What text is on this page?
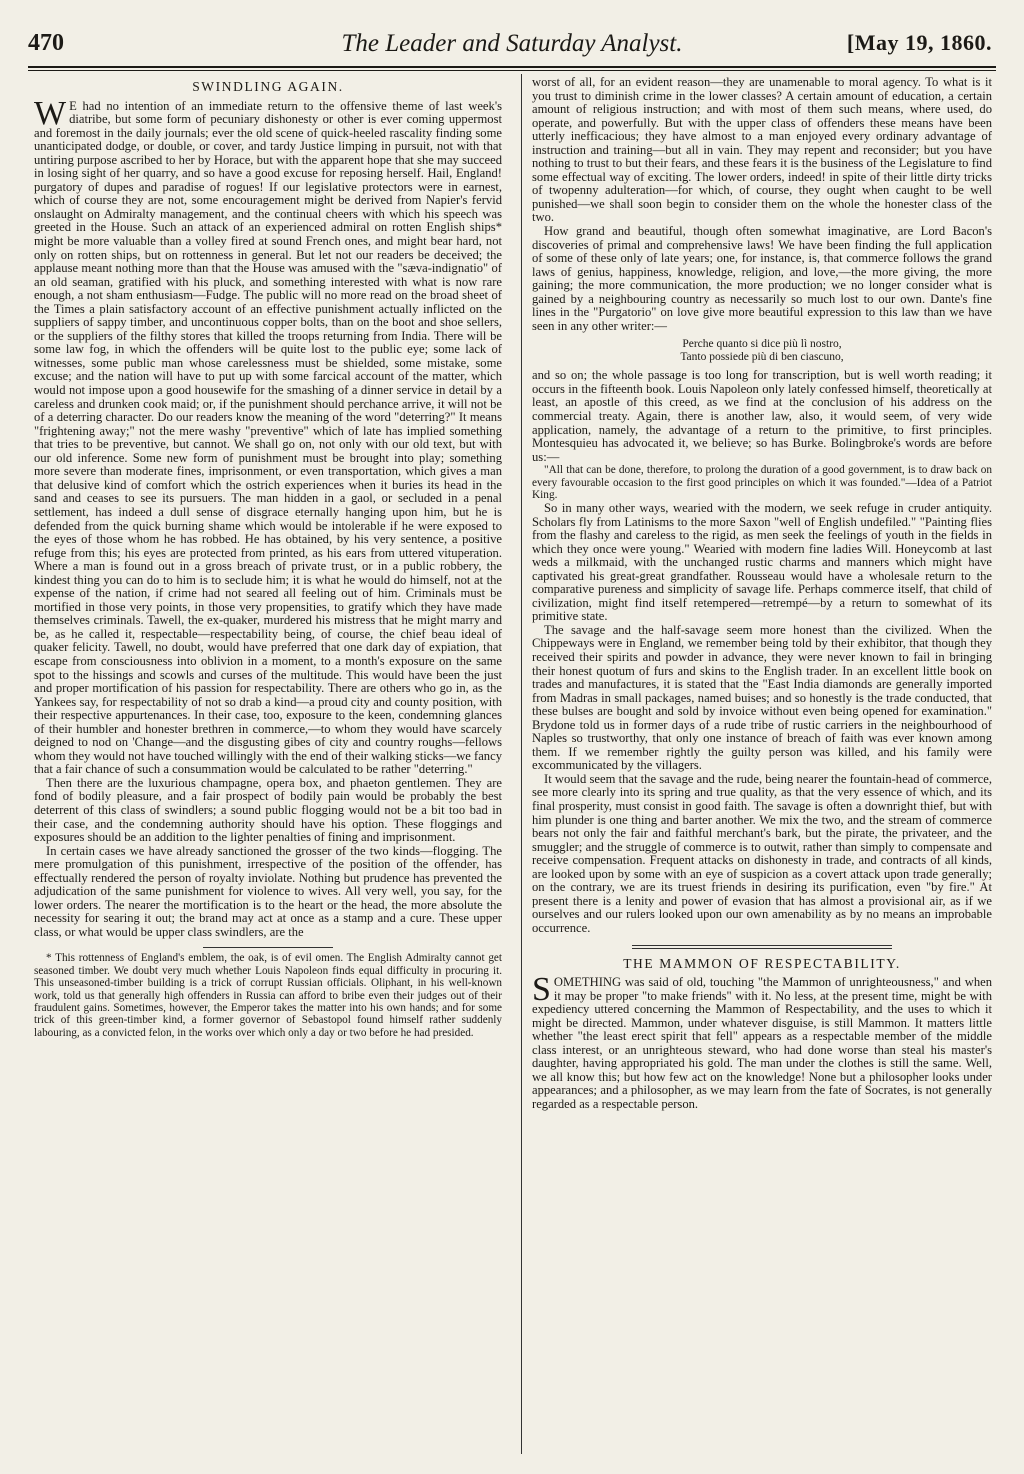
470	The Leader and Saturday Analyst.	[May 19, 1860.
SWINDLING AGAIN.

W E had no intention of an immediate return to the offensive theme of last week's diatribe, but some form of pecuniary dishonesty or other is ever coming uppermost and foremost in the daily journals; ever the old scene of quick-heeled rascality finding some unanticipated dodge, or double, or cover, and tardy Justice limping in pursuit, not with that untiring purpose ascribed to her by Horace, but with the apparent hope that she may succeed in losing sight of her quarry, and so have a good excuse for reposing herself. Hail, England! purgatory of dupes and paradise of rogues! If our legislative protectors were in earnest, which of course they are not, some encouragement might be derived from Napier's fervid onslaught on Admiralty management, and the continual cheers with which his speech was greeted in the House. Such an attack of an experienced admiral on rotten English ships* might be more valuable than a volley fired at sound French ones, and might bear hard, not only on rotten ships, but on rottenness in general. But let not our readers be deceived; the applause meant nothing more than that the House was amused with the "sæva-indignatio" of an old seaman, gratified with his pluck, and something interested with what is now rare enough, a not sham enthusiasm—Fudge. The public will no more read on the broad sheet of the Times a plain satisfactory account of an effective punishment actually inflicted on the suppliers of sappy timber, and uncontinuous copper bolts, than on the boot and shoe sellers, or the suppliers of the filthy stores that killed the troops returning from India. There will be some law fog, in which the offenders will be quite lost to the public eye; some lack of witnesses, some public man whose carelessness must be shielded, some mistake, some excuse; and the nation will have to put up with some farcical account of the matter, which would not impose upon a good housewife for the smashing of a dinner service in detail by a careless and drunken cook maid; or, if the punishment should perchance arrive, it will not be of a deterring character. Do our readers know the meaning of the word "deterring?" It means "frightening away;" not the mere washy "preventive" which of late has implied something that tries to be preventive, but cannot. We shall go on, not only with our old text, but with our old inference. Some new form of punishment must be brought into play; something more severe than moderate fines, imprisonment, or even transportation, which gives a man that delusive kind of comfort which the ostrich experiences when it buries its head in the sand and ceases to see its pursuers. The man hidden in a gaol, or secluded in a penal settlement, has indeed a dull sense of disgrace eternally hanging upon him, but he is defended from the quick burning shame which would be intolerable if he were exposed to the eyes of those whom he has robbed. He has obtained, by his very sentence, a positive refuge from this; his eyes are protected from printed, as his ears from uttered vituperation. Where a man is found out in a gross breach of private trust, or in a public robbery, the kindest thing you can do to him is to seclude him; it is what he would do himself, not at the expense of the nation, if crime had not seared all feeling out of him. Criminals must be mortified in those very points, in those very propensities, to gratify which they have made themselves criminals. Tawell, the ex-quaker, murdered his mistress that he might marry and be, as he called it, respectable—respectability being, of course, the chief beau ideal of quaker felicity. Tawell, no doubt, would have preferred that one dark day of expiation, that escape from consciousness into oblivion in a moment, to a month's exposure on the same spot to the hissings and scowls and curses of the multitude. This would have been the just and proper mortification of his passion for respectability. There are others who go in, as the Yankees say, for respectability of not so drab a kind—a proud city and county position, with their respective appurtenances. In their case, too, exposure to the keen, condemning glances of their humbler and honester brethren in commerce,—to whom they would have scarcely deigned to nod on 'Change—and the disgusting gibes of city and country roughs—fellows whom they would not have touched willingly with the end of their walking sticks—we fancy that a fair chance of such a consummation would be calculated to be rather "deterring."

Then there are the luxurious champagne, opera box, and phaeton gentlemen. They are fond of bodily pleasure, and a fair prospect of bodily pain would be probably the best deterrent of this class of swindlers; a sound public flogging would not be a bit too bad in their case, and the condemning authority should have his option. These floggings and exposures should be an addition to the lighter penalties of fining and imprisonment.

In certain cases we have already sanctioned the grosser of the two kinds—flogging. The mere promulgation of this punishment, irrespective of the position of the offender, has effectually rendered the person of royalty inviolate. Nothing but prudence has prevented the adjudication of the same punishment for violence to wives. All very well, you say, for the lower orders. The nearer the mortification is to the heart or the head, the more absolute the necessity for searing it out; the brand may act at once as a stamp and a cure. These upper class, or what would be upper class swindlers, are the

* This rottenness of England's emblem, the oak, is of evil omen. The English Admiralty cannot get seasoned timber. We doubt very much whether Louis Napoleon finds equal difficulty in procuring it. This unseasoned-timber building is a trick of corrupt Russian officials. Oliphant, in his well-known work, told us that generally high offenders in Russia can afford to bribe even their judges out of their fraudulent gains. Sometimes, however, the Emperor takes the matter into his own hands; and for some trick of this green-timber kind, a former governor of Sebastopol found himself rather suddenly labouring, as a convicted felon, in the works over which only a day or two before he had presided.

worst of all, for an evident reason—they are unamenable to moral agency. To what is it you trust to diminish crime in the lower classes? A certain amount of education, a certain amount of religious instruction; and with most of them such means, where used, do operate, and powerfully. But with the upper class of offenders these means have been utterly inefficacious; they have almost to a man enjoyed every ordinary advantage of instruction and training—but all in vain. They may repent and reconsider; but you have nothing to trust to but their fears, and these fears it is the business of the Legislature to find some effectual way of exciting. The lower orders, indeed! in spite of their little dirty tricks of twopenny adulteration—for which, of course, they ought when caught to be well punished—we shall soon begin to consider them on the whole the honester class of the two.

How grand and beautiful, though often somewhat imaginative, are Lord Bacon's discoveries of primal and comprehensive laws! We have been finding the full application of some of these only of late years; one, for instance, is, that commerce follows the grand laws of genius, happiness, knowledge, religion, and love,—the more giving, the more gaining; the more communication, the more production; we no longer consider what is gained by a neighbouring country as necessarily so much lost to our own. Dante's fine lines in the "Purgatorio" on love give more beautiful expression to this law than we have seen in any other writer:—

Perche quanto si dice più lì nostro,
Tanto possiede più di ben ciascuno,

and so on; the whole passage is too long for transcription, but is well worth reading; it occurs in the fifteenth book. Louis Napoleon only lately confessed himself, theoretically at least, an apostle of this creed, as we find at the conclusion of his address on the commercial treaty. Again, there is another law, also, it would seem, of very wide application, namely, the advantage of a return to the primitive, to first principles. Montesquieu has advocated it, we believe; so has Burke. Bolingbroke's words are before us:—

"All that can be done, therefore, to prolong the duration of a good government, is to draw back on every favourable occasion to the first good principles on which it was founded."—Idea of a Patriot King.

So in many other ways, wearied with the modern, we seek refuge in cruder antiquity. Scholars fly from Latinisms to the more Saxon "well of English undefiled." "Painting flies from the flashy and careless to the rigid, as men seek the feelings of youth in the fields in which they once were young." Wearied with modern fine ladies Will. Honeycomb at last weds a milkmaid, with the unchanged rustic charms and manners which might have captivated his great-great grandfather. Rousseau would have a wholesale return to the comparative pureness and simplicity of savage life. Perhaps commerce itself, that child of civilization, might find itself retempered—retrempé—by a return to somewhat of its primitive state.

The savage and the half-savage seem more honest than the civilized. When the Chippeways were in England, we remember being told by their exhibitor, that though they received their spirits and powder in advance, they were never known to fail in bringing their honest quotum of furs and skins to the English trader. In an excellent little book on trades and manufactures, it is stated that the "East India diamonds are generally imported from Madras in small packages, named buises; and so honestly is the trade conducted, that these bulses are bought and sold by invoice without even being opened for examination." Brydone told us in former days of a rude tribe of rustic carriers in the neighbourhood of Naples so trustworthy, that only one instance of breach of faith was ever known among them. If we remember rightly the guilty person was killed, and his family were excommunicated by the villagers.

It would seem that the savage and the rude, being nearer the fountain-head of commerce, see more clearly into its spring and true quality, as that the very essence of which, and its final prosperity, must consist in good faith. The savage is often a downright thief, but with him plunder is one thing and barter another. We mix the two, and the stream of commerce bears not only the fair and faithful merchant's bark, but the pirate, the privateer, and the smuggler; and the struggle of commerce is to outwit, rather than simply to compensate and receive compensation. Frequent attacks on dishonesty in trade, and contracts of all kinds, are looked upon by some with an eye of suspicion as a covert attack upon trade generally; on the contrary, we are its truest friends in desiring its purification, even "by fire." At present there is a lenity and power of evasion that has almost a provisional air, as if we ourselves and our rulers looked upon our own amenability as by no means an improbable occurrence.

THE MAMMON OF RESPECTABILITY.

SOMETHING was said of old, touching "the Mammon of unrighteousness," and when it may be proper "to make friends" with it. No less, at the present time, might be with expediency uttered concerning the Mammon of Respectability, and the uses to which it might be directed. Mammon, under whatever disguise, is still Mammon. It matters little whether "the least erect spirit that fell" appears as a respectable member of the middle class interest, or an unrighteous steward, who had done worse than steal his master's daughter, having appropriated his gold. The man under the clothes is still the same. Well, we all know this; but how few act on the knowledge! None but a philosopher looks under appearances; and a philosopher, as we may learn from the fate of Socrates, is not generally regarded as a respectable person.
